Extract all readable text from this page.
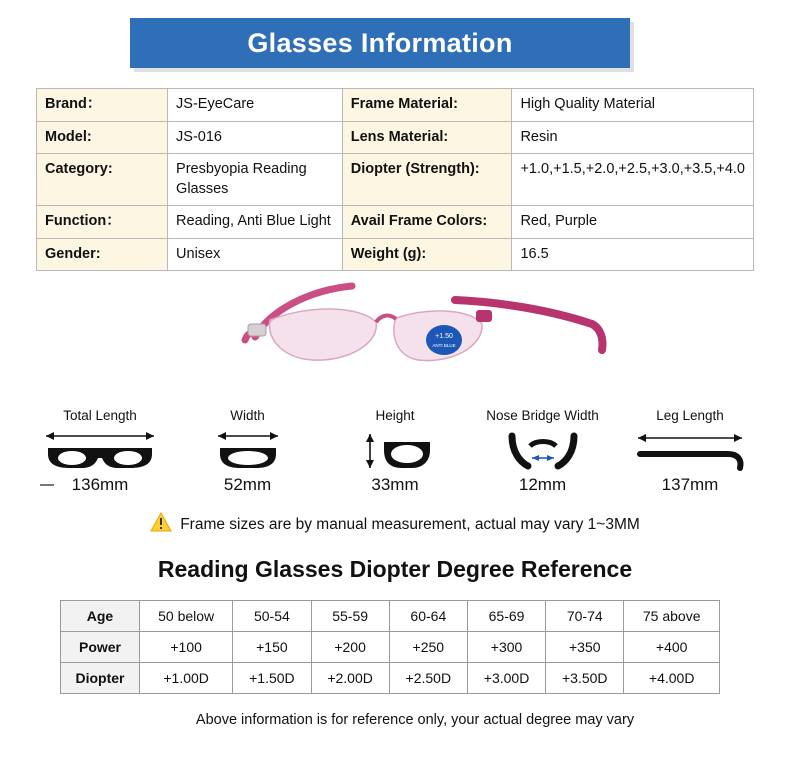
Glasses Information
Brand：	JS-EyeCare	Frame Material:	High Quality Material
Model:	JS-016	Lens Material:	Resin
Category:	Presbyopia Reading Glasses	Diopter (Strength):	+1.0,+1.5,+2.0,+2.5,+3.0,+3.5,+4.0
Function：	Reading, Anti Blue Light	Avail Frame Colors:	Red, Purple
Gender:	Unisex	Weight (g):	16.5
+1.50
ANTI BLUE
Total Length
136mm
Width
52mm
Height
33mm
Nose Bridge Width
12mm
Leg Length
137mm
Frame sizes are by manual measurement, actual may vary 1~3MM
Reading Glasses Diopter Degree Reference
Age	50 below	50-54	55-59	60-64	65-69	70-74	75 above
Power	+100	+150	+200	+250	+300	+350	+400
Diopter	+1.00D	+1.50D	+2.00D	+2.50D	+3.00D	+3.50D	+4.00D
Above information is for reference only, your actual degree may vary
